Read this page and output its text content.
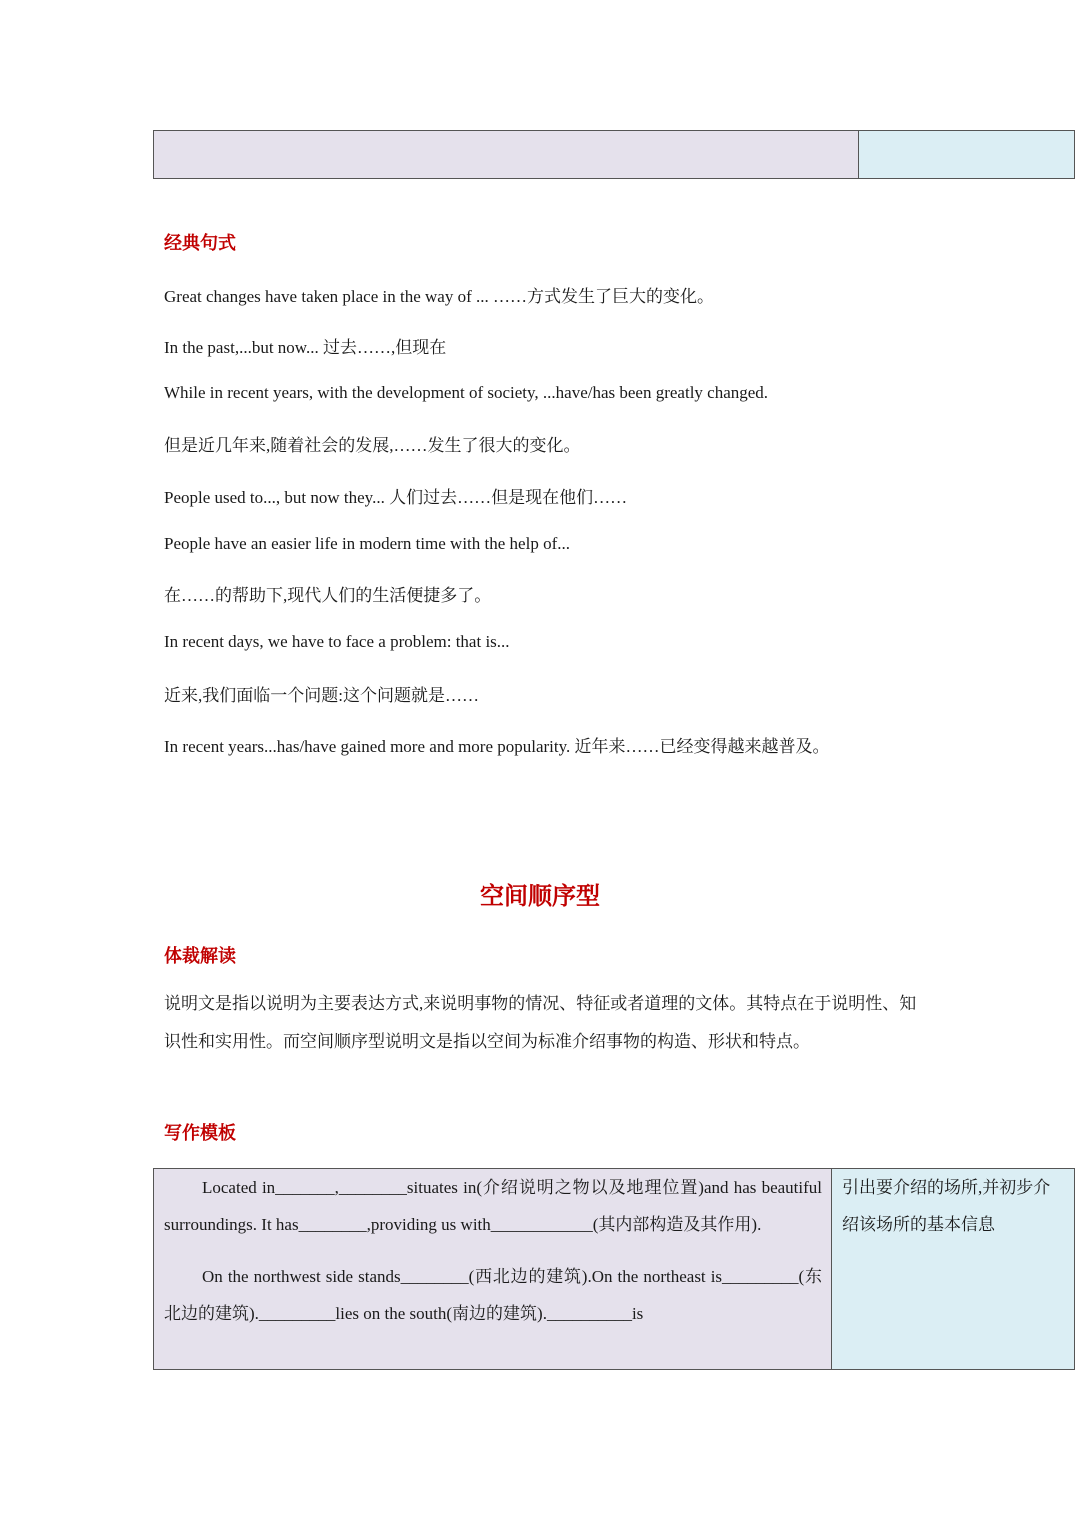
经典句式
Great changes have taken place in the way of ... ……方式发生了巨大的变化。
In the past,...but now... 过去……,但现在
While in recent years, with the development of society, ...have/has been greatly changed.
但是近几年来,随着社会的发展,……发生了很大的变化。
People used to..., but now they... 人们过去……但是现在他们……
People have an easier life in modern time with the help of...
在……的帮助下,现代人们的生活便捷多了。
In recent days, we have to face a problem: that is...
近来,我们面临一个问题:这个问题就是……
In recent years...has/have gained more and more popularity. 近年来……已经变得越来越普及。
空间顺序型
体裁解读
说明文是指以说明为主要表达方式,来说明事物的情况、特征或者道理的文体。其特点在于说明性、知识性和实用性。而空间顺序型说明文是指以空间为标准介绍事物的构造、形状和特点。
写作模板

Located in_______,________situates in(介绍说明之物以及地理位置)and has beautiful surroundings. It has________,providing us with____________(其内部构造及其作用).

On the northwest side stands________(西北边的建筑).On the northeast is_________(东北边的建筑)._________lies on the south(南边的建筑).__________is

引出要介绍的场所,并初步介绍该场所的基本信息
